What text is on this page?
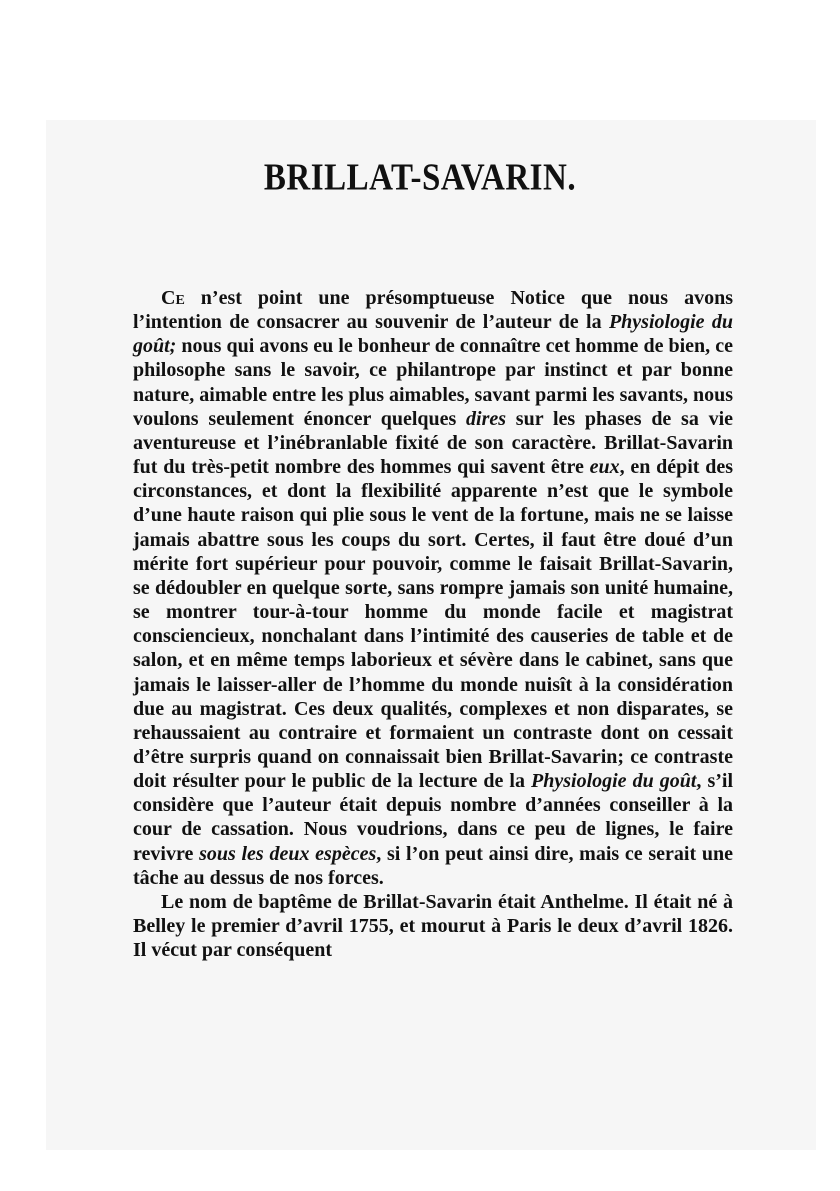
BRILLAT-SAVARIN.

Ce n’est point une présomptueuse Notice que nous avons l’intention de consacrer au souvenir de l’auteur de la Physiologie du goût; nous qui avons eu le bonheur de connaître cet homme de bien, ce philosophe sans le savoir, ce philantrope par instinct et par bonne nature, aimable entre les plus aimables, savant parmi les savants, nous voulons seulement énoncer quelques dires sur les phases de sa vie aventureuse et l’inébranlable fixité de son caractère. Brillat-Savarin fut du très-petit nombre des hommes qui savent être eux, en dépit des circonstances, et dont la flexibilité apparente n’est que le symbole d’une haute raison qui plie sous le vent de la fortune, mais ne se laisse jamais abattre sous les coups du sort. Certes, il faut être doué d’un mérite fort supérieur pour pouvoir, comme le faisait Brillat-Savarin, se dédoubler en quelque sorte, sans rompre jamais son unité humaine, se montrer tour-à-tour homme du monde facile et magistrat consciencieux, nonchalant dans l’intimité des causeries de table et de salon, et en même temps laborieux et sévère dans le cabinet, sans que jamais le laisser-aller de l’homme du monde nuisît à la considération due au magistrat. Ces deux qualités, complexes et non disparates, se rehaussaient au contraire et formaient un contraste dont on cessait d’être surpris quand on connaissait bien Brillat-Savarin; ce contraste doit résulter pour le public de la lecture de la Physiologie du goût, s’il considère que l’auteur était depuis nombre d’années conseiller à la cour de cassation. Nous voudrions, dans ce peu de lignes, le faire revivre sous les deux espèces, si l’on peut ainsi dire, mais ce serait une tâche au dessus de nos forces.

Le nom de baptême de Brillat-Savarin était Anthelme. Il était né à Belley le premier d’avril 1755, et mourut à Paris le deux d’avril 1826. Il vécut par conséquent
